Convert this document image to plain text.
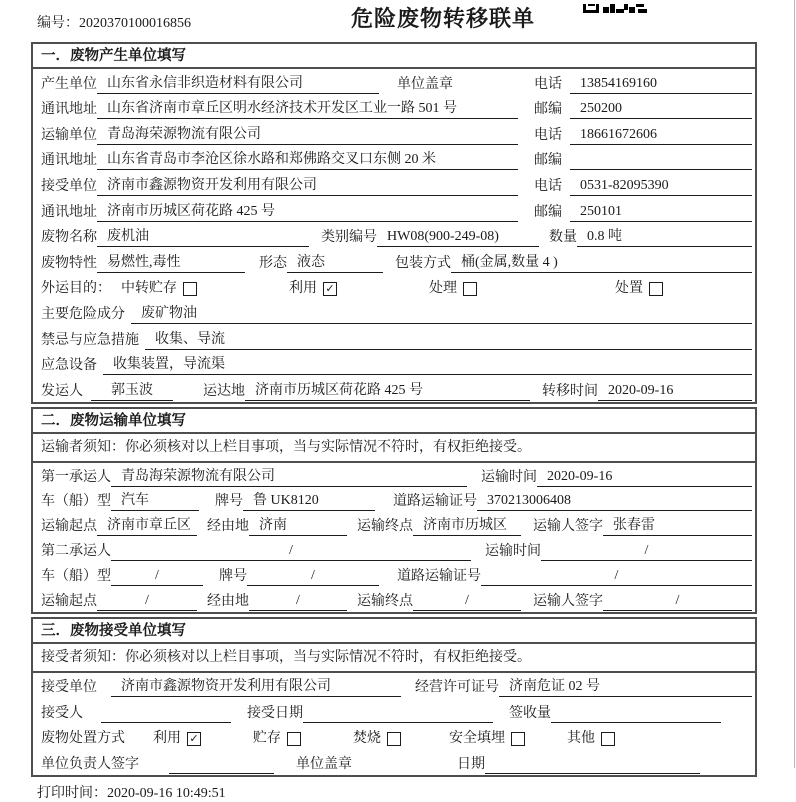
编号：2020370100016856	危险废物转移联单
一．废物产生单位填写
产生单位 山东省永信非织造材料有限公司	单位盖章	电话	13854169160
通讯地址 山东省济南市章丘区明水经济技术开发区工业一路 501 号	邮编	250200
运输单位 青岛海荣源物流有限公司	电话	18661672606
通讯地址 山东省青岛市李沧区徐水路和郑佛路交叉口东侧 20 米	邮编
接受单位 济南市鑫源物资开发利用有限公司	电话	0531-82095390
通讯地址 济南市历城区荷花路 425 号	邮编	250101
废物名称 废机油	类别编号 HW08(900-249-08)	数量 0.8 吨
废物特性 易燃性,毒性	形态 液态	包装方式 桶(金属,数量 4 )
外运目的： 中转贮存	利用 ✓	处理	处置
主要危险成分	废矿物油
禁忌与应急措施	收集、导流
应急设备	收集装置，导流渠
发运人	郭玉波	运达地 济南市历城区荷花路 425 号	转移时间 2020-09-16
二．废物运输单位填写
运输者须知：你必须核对以上栏目事项，当与实际情况不符时，有权拒绝接受。
第一承运人 青岛海荣源物流有限公司	运输时间 2020-09-16
车（船）型 汽车	牌号 鲁 UK8120	道路运输证号 370213006408
运输起点 济南市章丘区	经由地 济南	运输终点 济南市历城区	运输人签字 张春雷
第二承运人	/	运输时间	/
车（船）型	/	牌号	/	道路运输证号	/
运输起点	/	经由地	/	运输终点	/	运输人签字	/
三．废物接受单位填写
接受者须知：你必须核对以上栏目事项，当与实际情况不符时，有权拒绝接受。
接受单位	济南市鑫源物资开发利用有限公司	经营许可证号 济南危证 02 号
接受人	接受日期	签收量
废物处置方式 利用 ✓	贮存	焚烧	安全填埋	其他
单位负责人签字	单位盖章	日期
打印时间：2020-09-16 10:49:51
